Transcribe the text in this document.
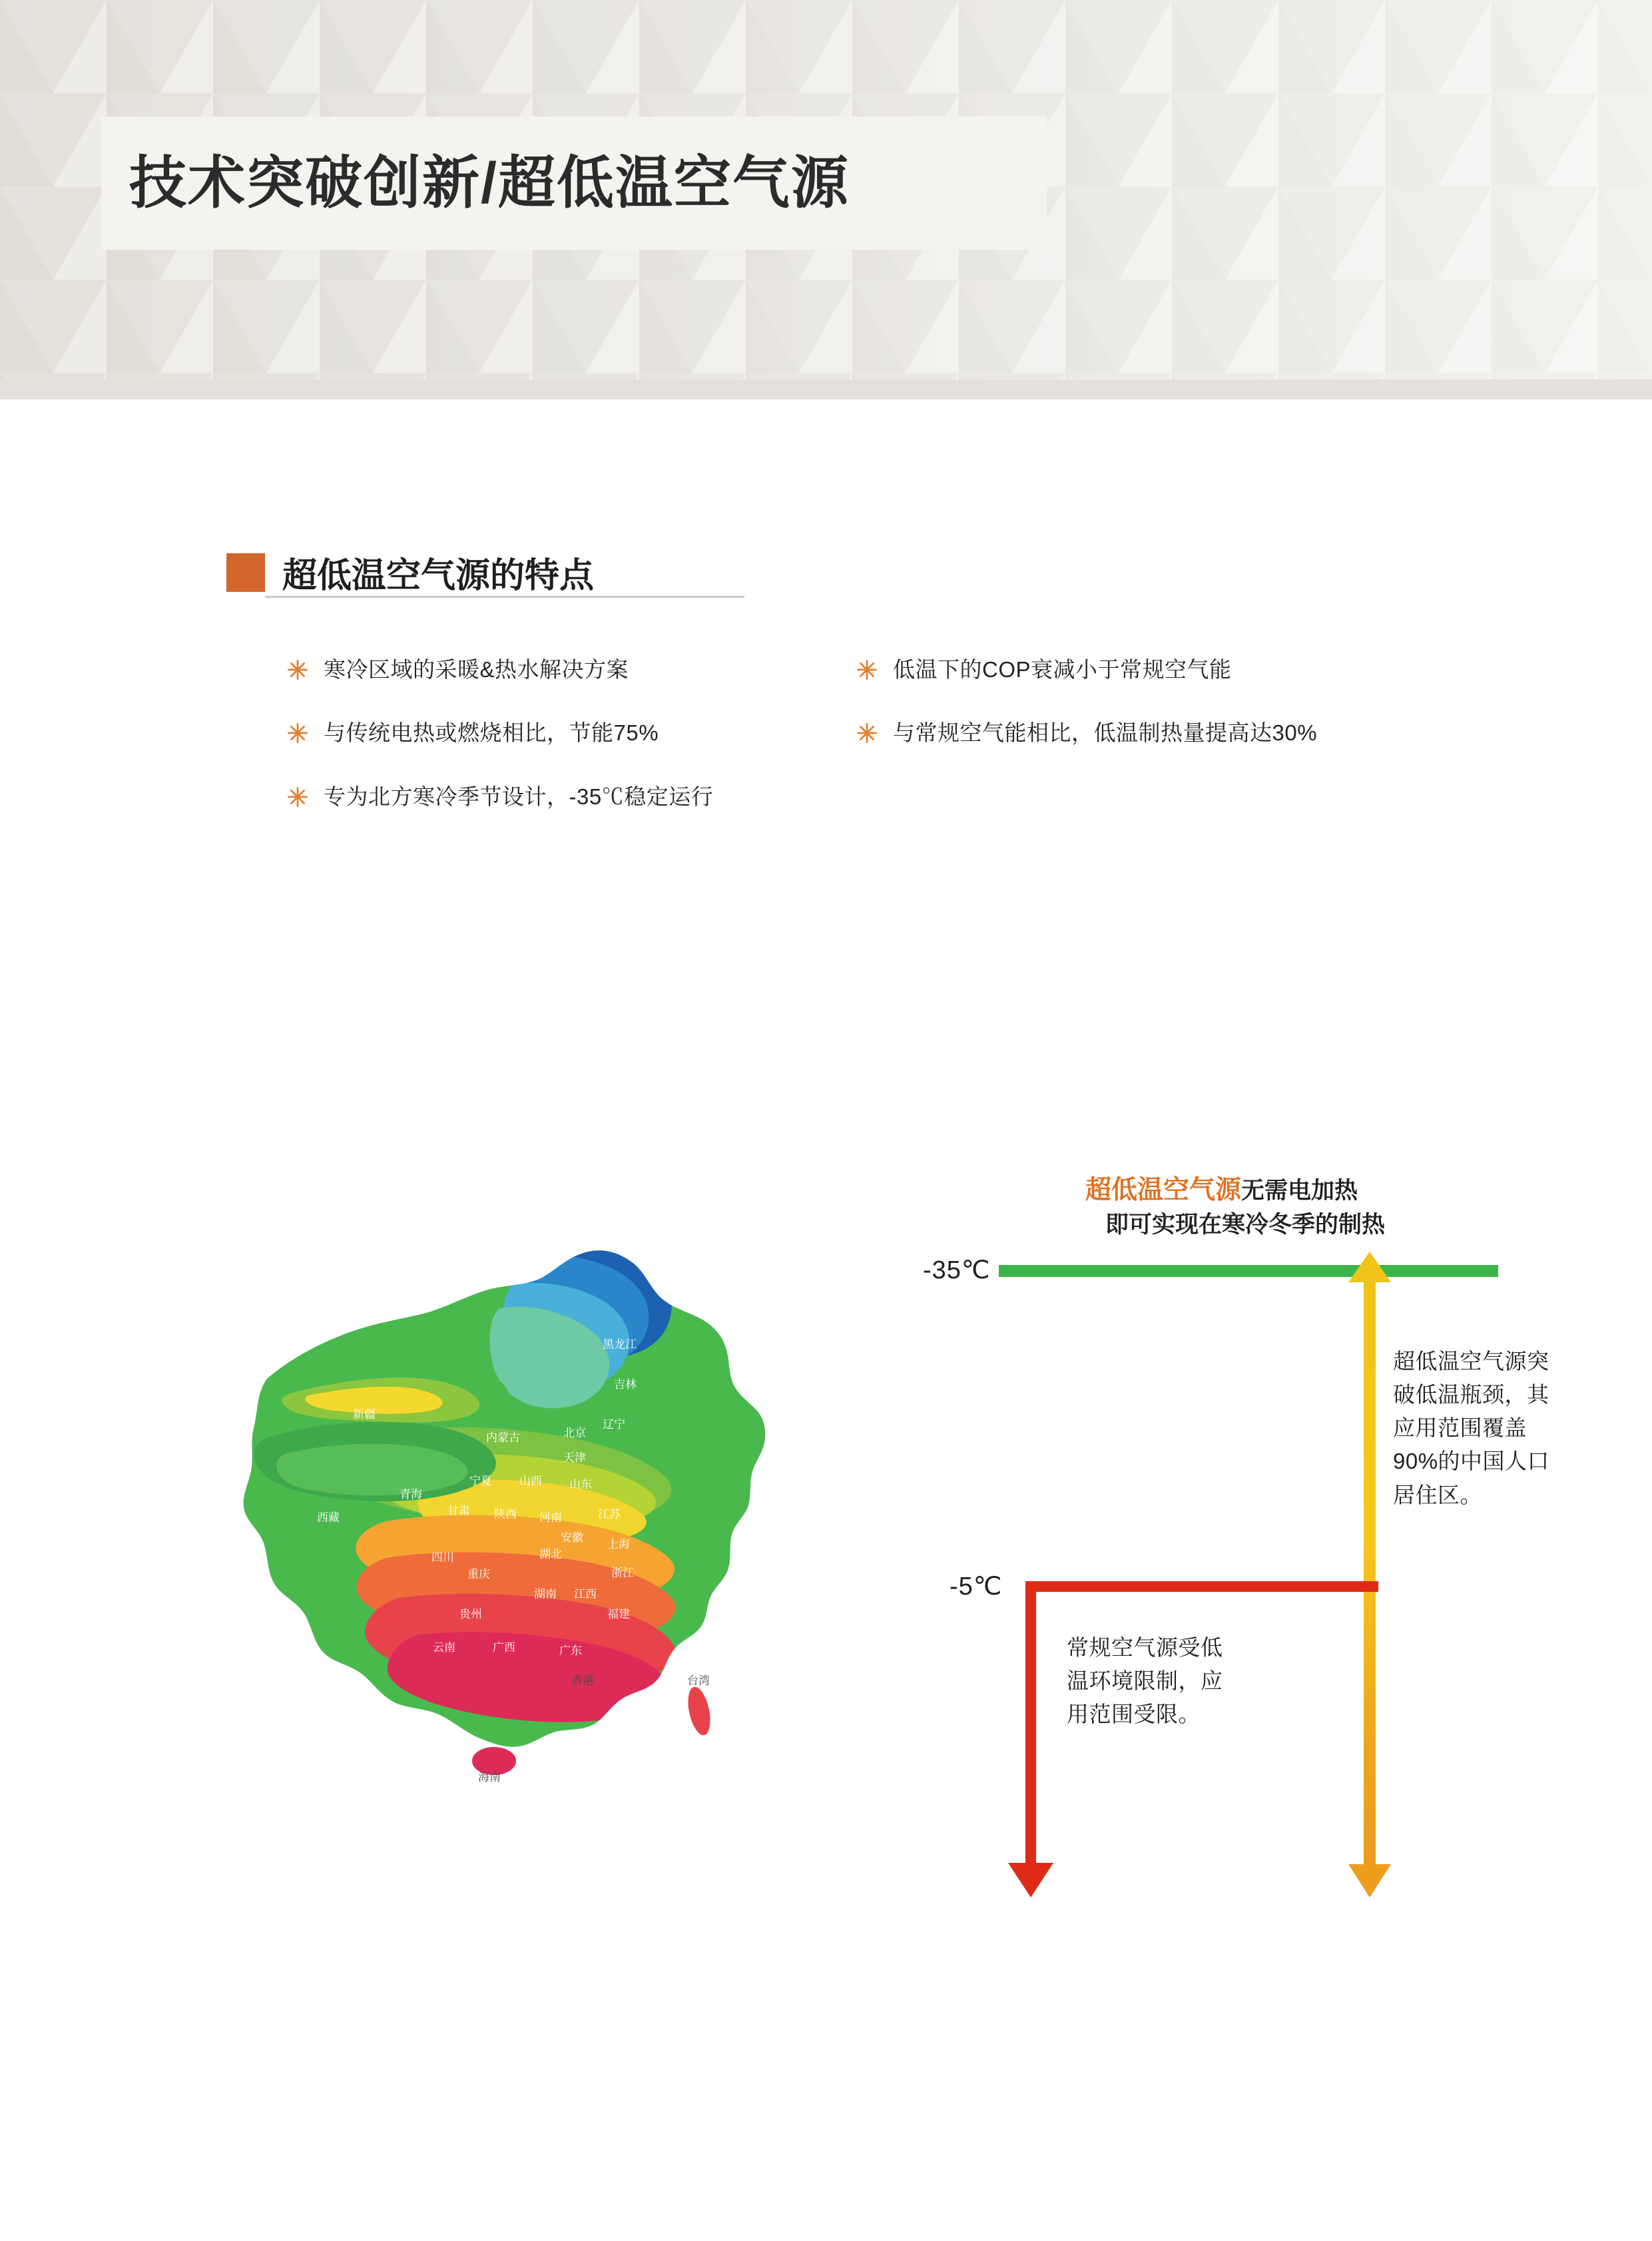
技术突破创新/超低温空气源
超低温空气源的特点
寒冷区域的采暖&热水解决方案
与传统电热或燃烧相比，节能75%
专为北方寒冷季节设计，-35℃稳定运行
低温下的COP衰减小于常规空气能
与常规空气能相比，低温制热量提高达30%
黑龙江
吉林
辽宁
新疆
内蒙古	北京
天津
宁夏 山西 山东
西藏
青海
甘肃 陕西 河南	江苏
安徽
上海
四川
重庆
湖北
浙江
贵州
湖南 江西
福建
云南	广西	广东
香港	台湾
海南
超低温空气源无需电加热
即可实现在寒冷冬季的制热
-35℃
-5℃
超低温空气源突破低温瓶颈，其应用范围覆盖90%的中国人口居住区。
常规空气源受低温环境限制，应用范围受限。
